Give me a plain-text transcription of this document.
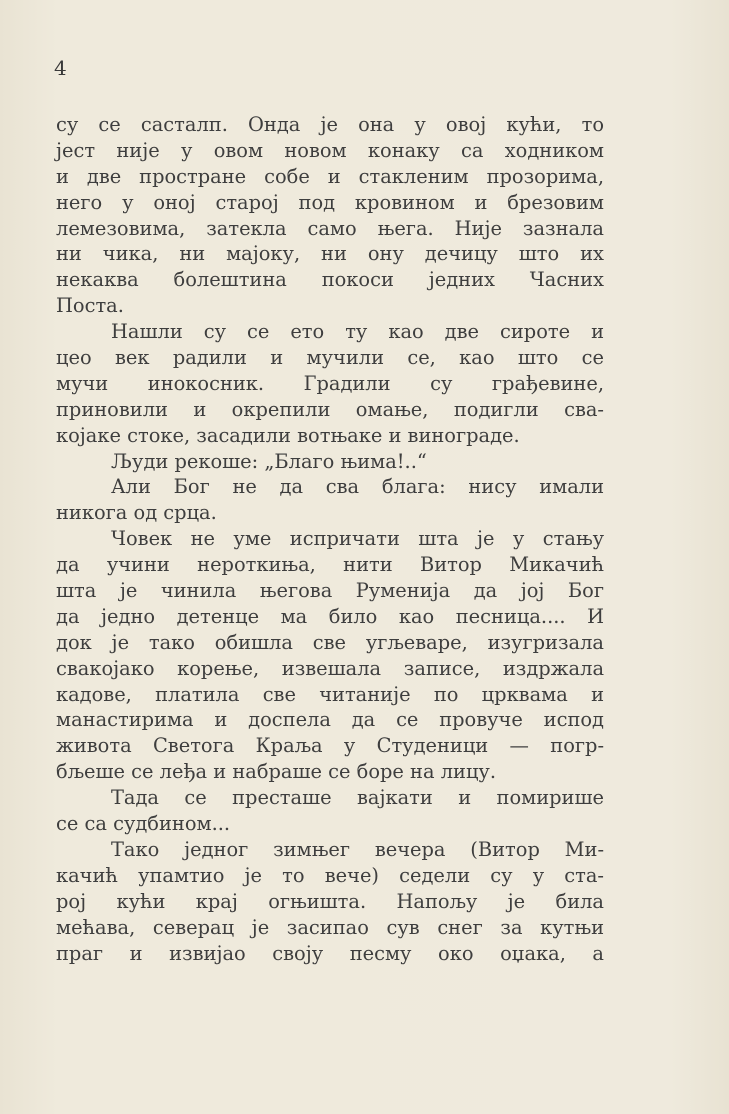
4
су се састалп. Онда је она у овој кући, то
јест није у овом новом конаку са ходником
и две простране собе и стакленим прозорима,
него у оној старој под кровином и брезовим
лемезовима, затекла само њега. Није зазнала
ни чика, ни мајоку, ни ону дечицу што их
некаква болештина покоси једних Часних
Поста.
Нашли су се ето ту као две сироте и
цео век радили и мучили се, као што се
мучи инокосник. Градили су грађевине,
приновили и окрепили омање, подигли сва-
којаке стоке, засадили вотњаке и винограде.
Људи рекоше: „Благо њима!..“
Али Бог не да сва блага: нису имали
никога од срца.
Човек не уме испричати шта је у стању
да учини нероткиња, нити Витор Микачић
шта је чинила његова Руменија да јој Бог
да једно детенце ма било као песница.... И
док је тако обишла све угљеваре, изугризала
свакојако корење, извешала записе, издржала
кадове, платила све читаније по црквама и
манастирима и доспела да се провуче испод
живота Светога Краља у Студеници — погр-
бљеше се леђа и набраше се боре на лицу.
Тада се престаше вајкати и помирише
се са судбином...
Тако једног зимњег вечера (Витор Ми-
качић упамтио је то вече) седели су у ста-
рој кући крај огњишта. Напољу је била
мећава, северац је засипао сув снег за кутњи
праг и извијао своју песму око оџака, а
